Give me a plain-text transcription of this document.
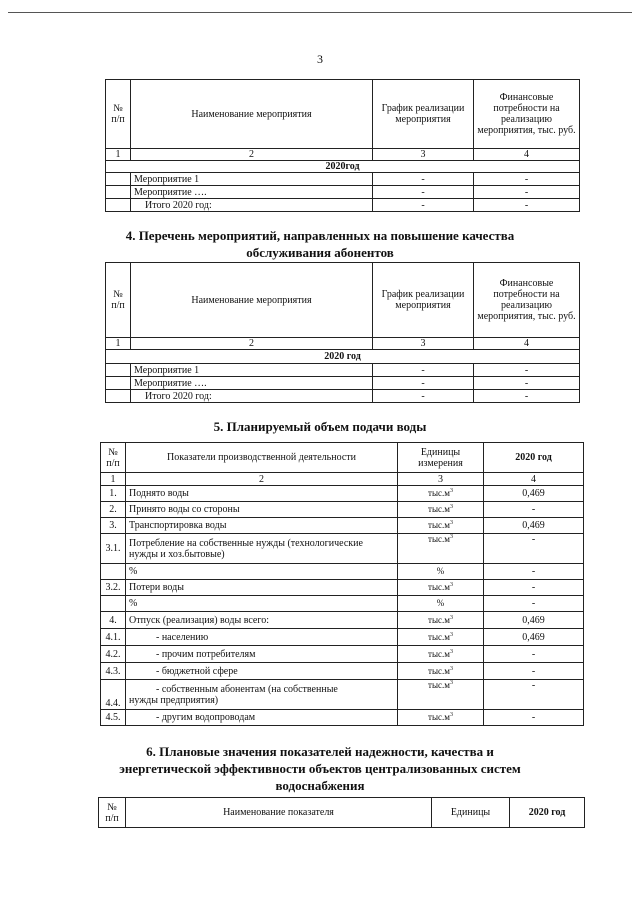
3
№ п/п	Наименование мероприятия	График реализации мероприятия	Финансовые потребности на реализацию мероприятия, тыс. руб.
1	2	3	4
2020год			
	Мероприятие 1	-	-
	Мероприятие ….	-	-
	Итого 2020 год:	-	-
4. Перечень мероприятий, направленных на повышение качества обслуживания абонентов
№ п/п	Наименование мероприятия	График реализации мероприятия	Финансовые потребности на реализацию мероприятия, тыс. руб.
1	2	3	4
2020 год			
	Мероприятие 1	-	-
	Мероприятие ….	-	-
	Итого 2020 год:	-	-
5. Планируемый объем подачи воды
№ п/п	Показатели производственной деятельности	Единицы измерения	2020 год
1	2	3	4
1.	Поднято воды	$тыс.м^3$	0,469
2.	Принято воды со стороны	$тыс.м^3$	-
3.	Транспортировка воды	$тыс.м^3$	0,469
3.1.	Потребление на собственные нужды (технологические нужды и хоз.бытовые)	$тыс.м^3$	-
	%	%	-
3.2.	Потери воды	$тыс.м^3$	-
	%	%	-
4.	Отпуск (реализация) воды всего:	$тыс.м^3$	0,469
4.1.	- населению	$тыс.м^3$	0,469
4.2.	- прочим потребителям	$тыс.м^3$	-
4.3.	- бюджетной сфере	$тыс.м^3$	-
4.4.	- собственным абонентам (на собственные
нужды предприятия)	$тыс.м^3$	-
4.5.	- другим водопроводам	$тыс.м^3$	-
6. Плановые значения показателей надежности, качества и энергетической эффективности объектов централизованных систем водоснабжения
№ п/п	Наименование показателя	Единицы	2020 год
